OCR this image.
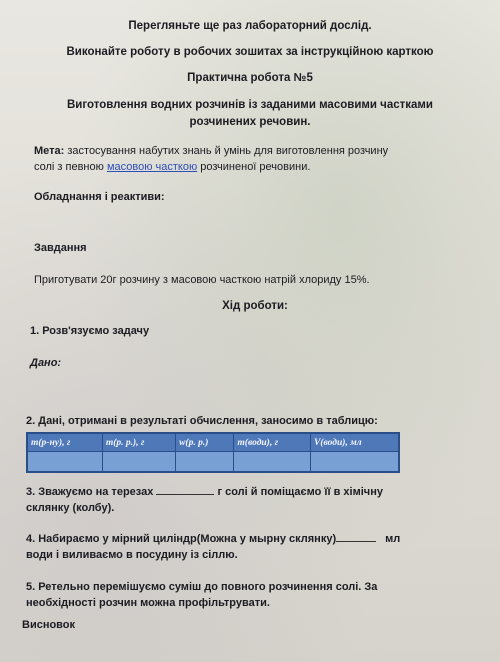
Перегляньте ще раз лабораторний дослід.
Виконайте роботу в робочих зошитах за інструкційною карткою
Практична робота №5
Виготовлення водних розчинів із заданими масовими частками
розчинених речовин.
Мета: застосування набутих знань й умінь для виготовлення розчину
солі з певною масовою часткою розчиненої речовини.
Обладнання і реактиви:
Завдання
Приготувати 20г розчину з масовою часткою натрій хлориду 15%.
Хід роботи:
1. Розв'язуємо задачу
Дано:
2. Дані, отримані в результаті обчислення, заносимо в таблицю:
m(р-ну), г	m(р. р.), г	w(р. р.)	m(води), г	V(води), мл

3. Зважуємо на терезах	г солі й поміщаємо її в хімічну
склянку (колбу).
4. Набираємо у мірний циліндр(Можна у мырну склянку)	мл
води і виливаємо в посудину із сіллю.
5. Ретельно перемішуємо суміш до повного розчинення солі. За
необхідності розчин можна профільтрувати.
Висновок
